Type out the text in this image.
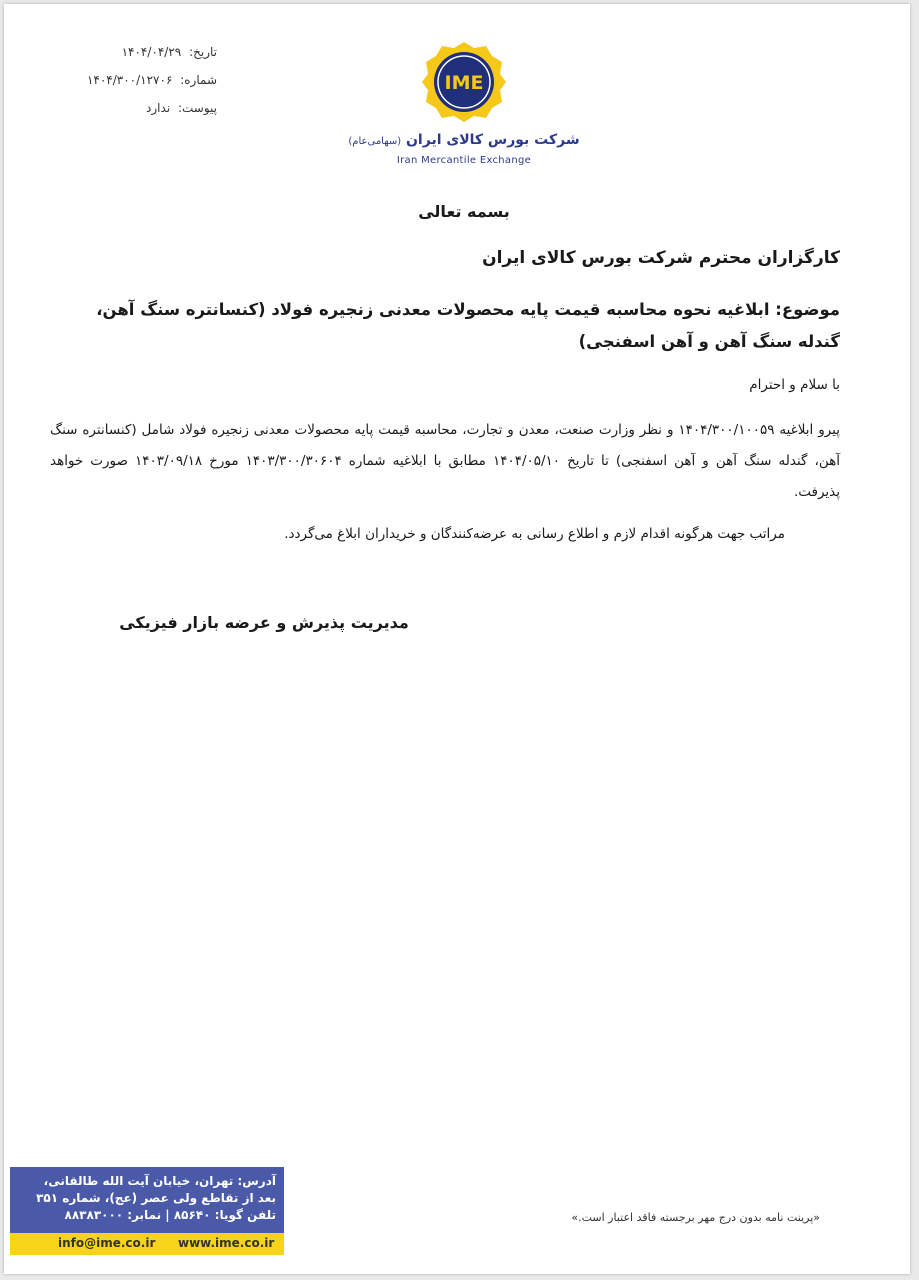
تاریخ: ۱۴۰۴/۰۴/۲۹
شماره: ۱۴۰۴/۳۰۰/۱۲۷۰۶
پیوست: ندارد
IME
شرکت بورس کالای ایران (سهامی‌عام)
Iran Mercantile Exchange
بسمه تعالی
کارگزاران محترم شرکت بورس کالای ایران
موضوع: ابلاغیه نحوه محاسبه قیمت پایه محصولات معدنی زنجیره فولاد (کنسانتره سنگ آهن، گندله سنگ آهن و آهن اسفنجی)
با سلام و احترام
پیرو ابلاغیه ۱۴۰۴/۳۰۰/۱۰۰۵۹ و نظر وزارت صنعت، معدن و تجارت، محاسبه قیمت پایه محصولات معدنی زنجیره فولاد شامل (کنسانتره سنگ آهن، گندله سنگ آهن و آهن اسفنجی) تا تاریخ ۱۴۰۴/۰۵/۱۰ مطابق با ابلاغیه شماره ۱۴۰۳/۳۰۰/۳۰۶۰۴ مورخ ۱۴۰۳/۰۹/۱۸ صورت خواهد پذیرفت.
مراتب جهت هرگونه اقدام لازم و اطلاع رسانی به عرضه‌کنندگان و خریداران ابلاغ می‌گردد.
مدیریت پذیرش و عرضه بازار فیزیکی
آدرس: تهران، خیابان آیت الله طالقانی،
بعد از تقاطع ولی عصر (عج)، شماره ۳۵۱
تلفن گویا: ۸۵۶۴۰ | نمابر: ۸۸۳۸۳۰۰۰
info@ime.co.ir www.ime.co.ir
«پرینت نامه بدون درج مهر برجسته فاقد اعتبار است.»
